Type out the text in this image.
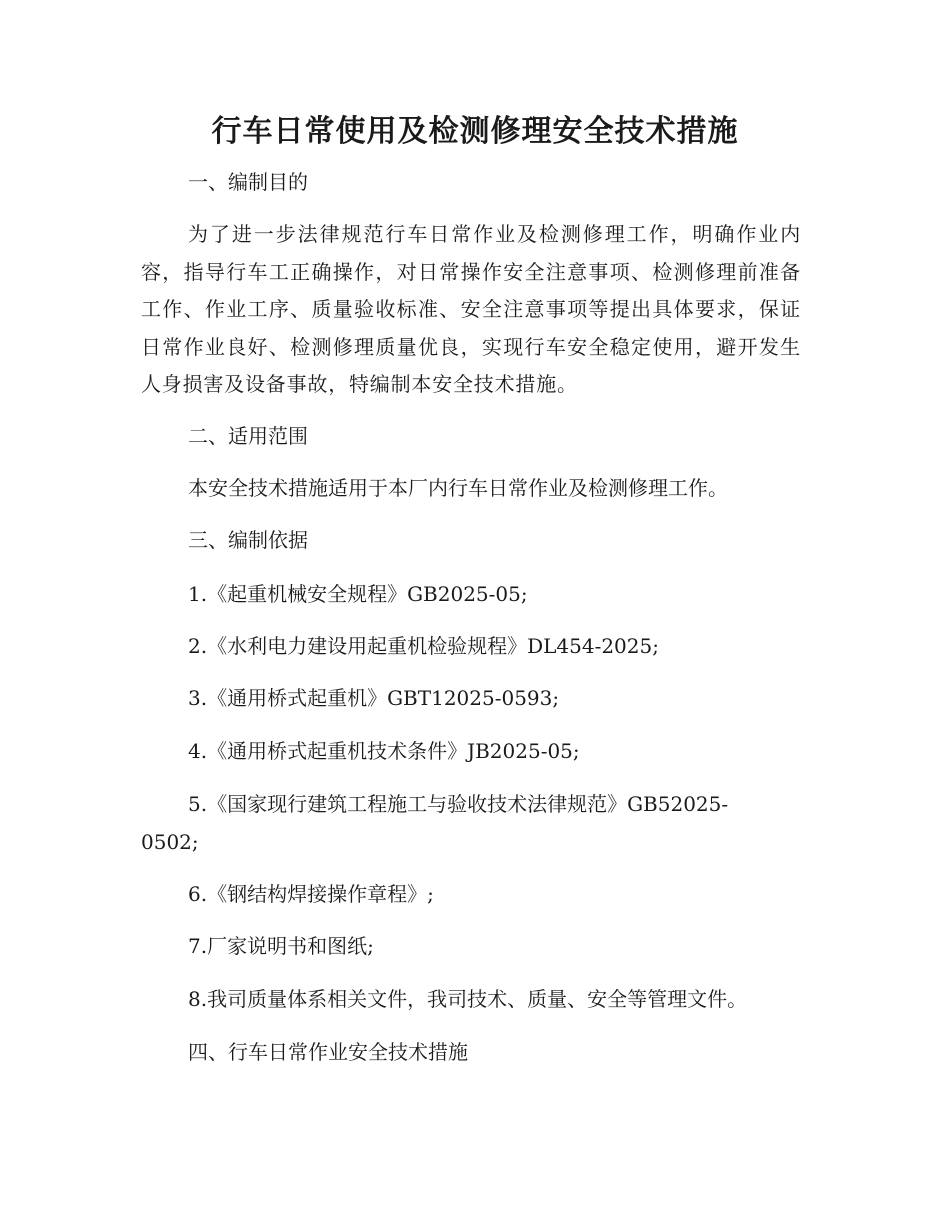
行车日常使用及检测修理安全技术措施
一、编制目的
为了进一步法律规范行车日常作业及检测修理工作，明确作业内容，指导行车工正确操作，对日常操作安全注意事项、检测修理前准备工作、作业工序、质量验收标准、安全注意事项等提出具体要求，保证日常作业良好、检测修理质量优良，实现行车安全稳定使用，避开发生人身损害及设备事故，特编制本安全技术措施。
二、适用范围
本安全技术措施适用于本厂内行车日常作业及检测修理工作。
三、编制依据
1.《起重机械安全规程》GB2025-05;
2.《水利电力建设用起重机检验规程》DL454-2025;
3.《通用桥式起重机》GBT12025-0593;
4.《通用桥式起重机技术条件》JB2025-05;
5.《国家现行建筑工程施工与验收技术法律规范》GB52025-
0502;
6.《钢结构焊接操作章程》;
7.厂家说明书和图纸;
8.我司质量体系相关文件，我司技术、质量、安全等管理文件。
四、行车日常作业安全技术措施
